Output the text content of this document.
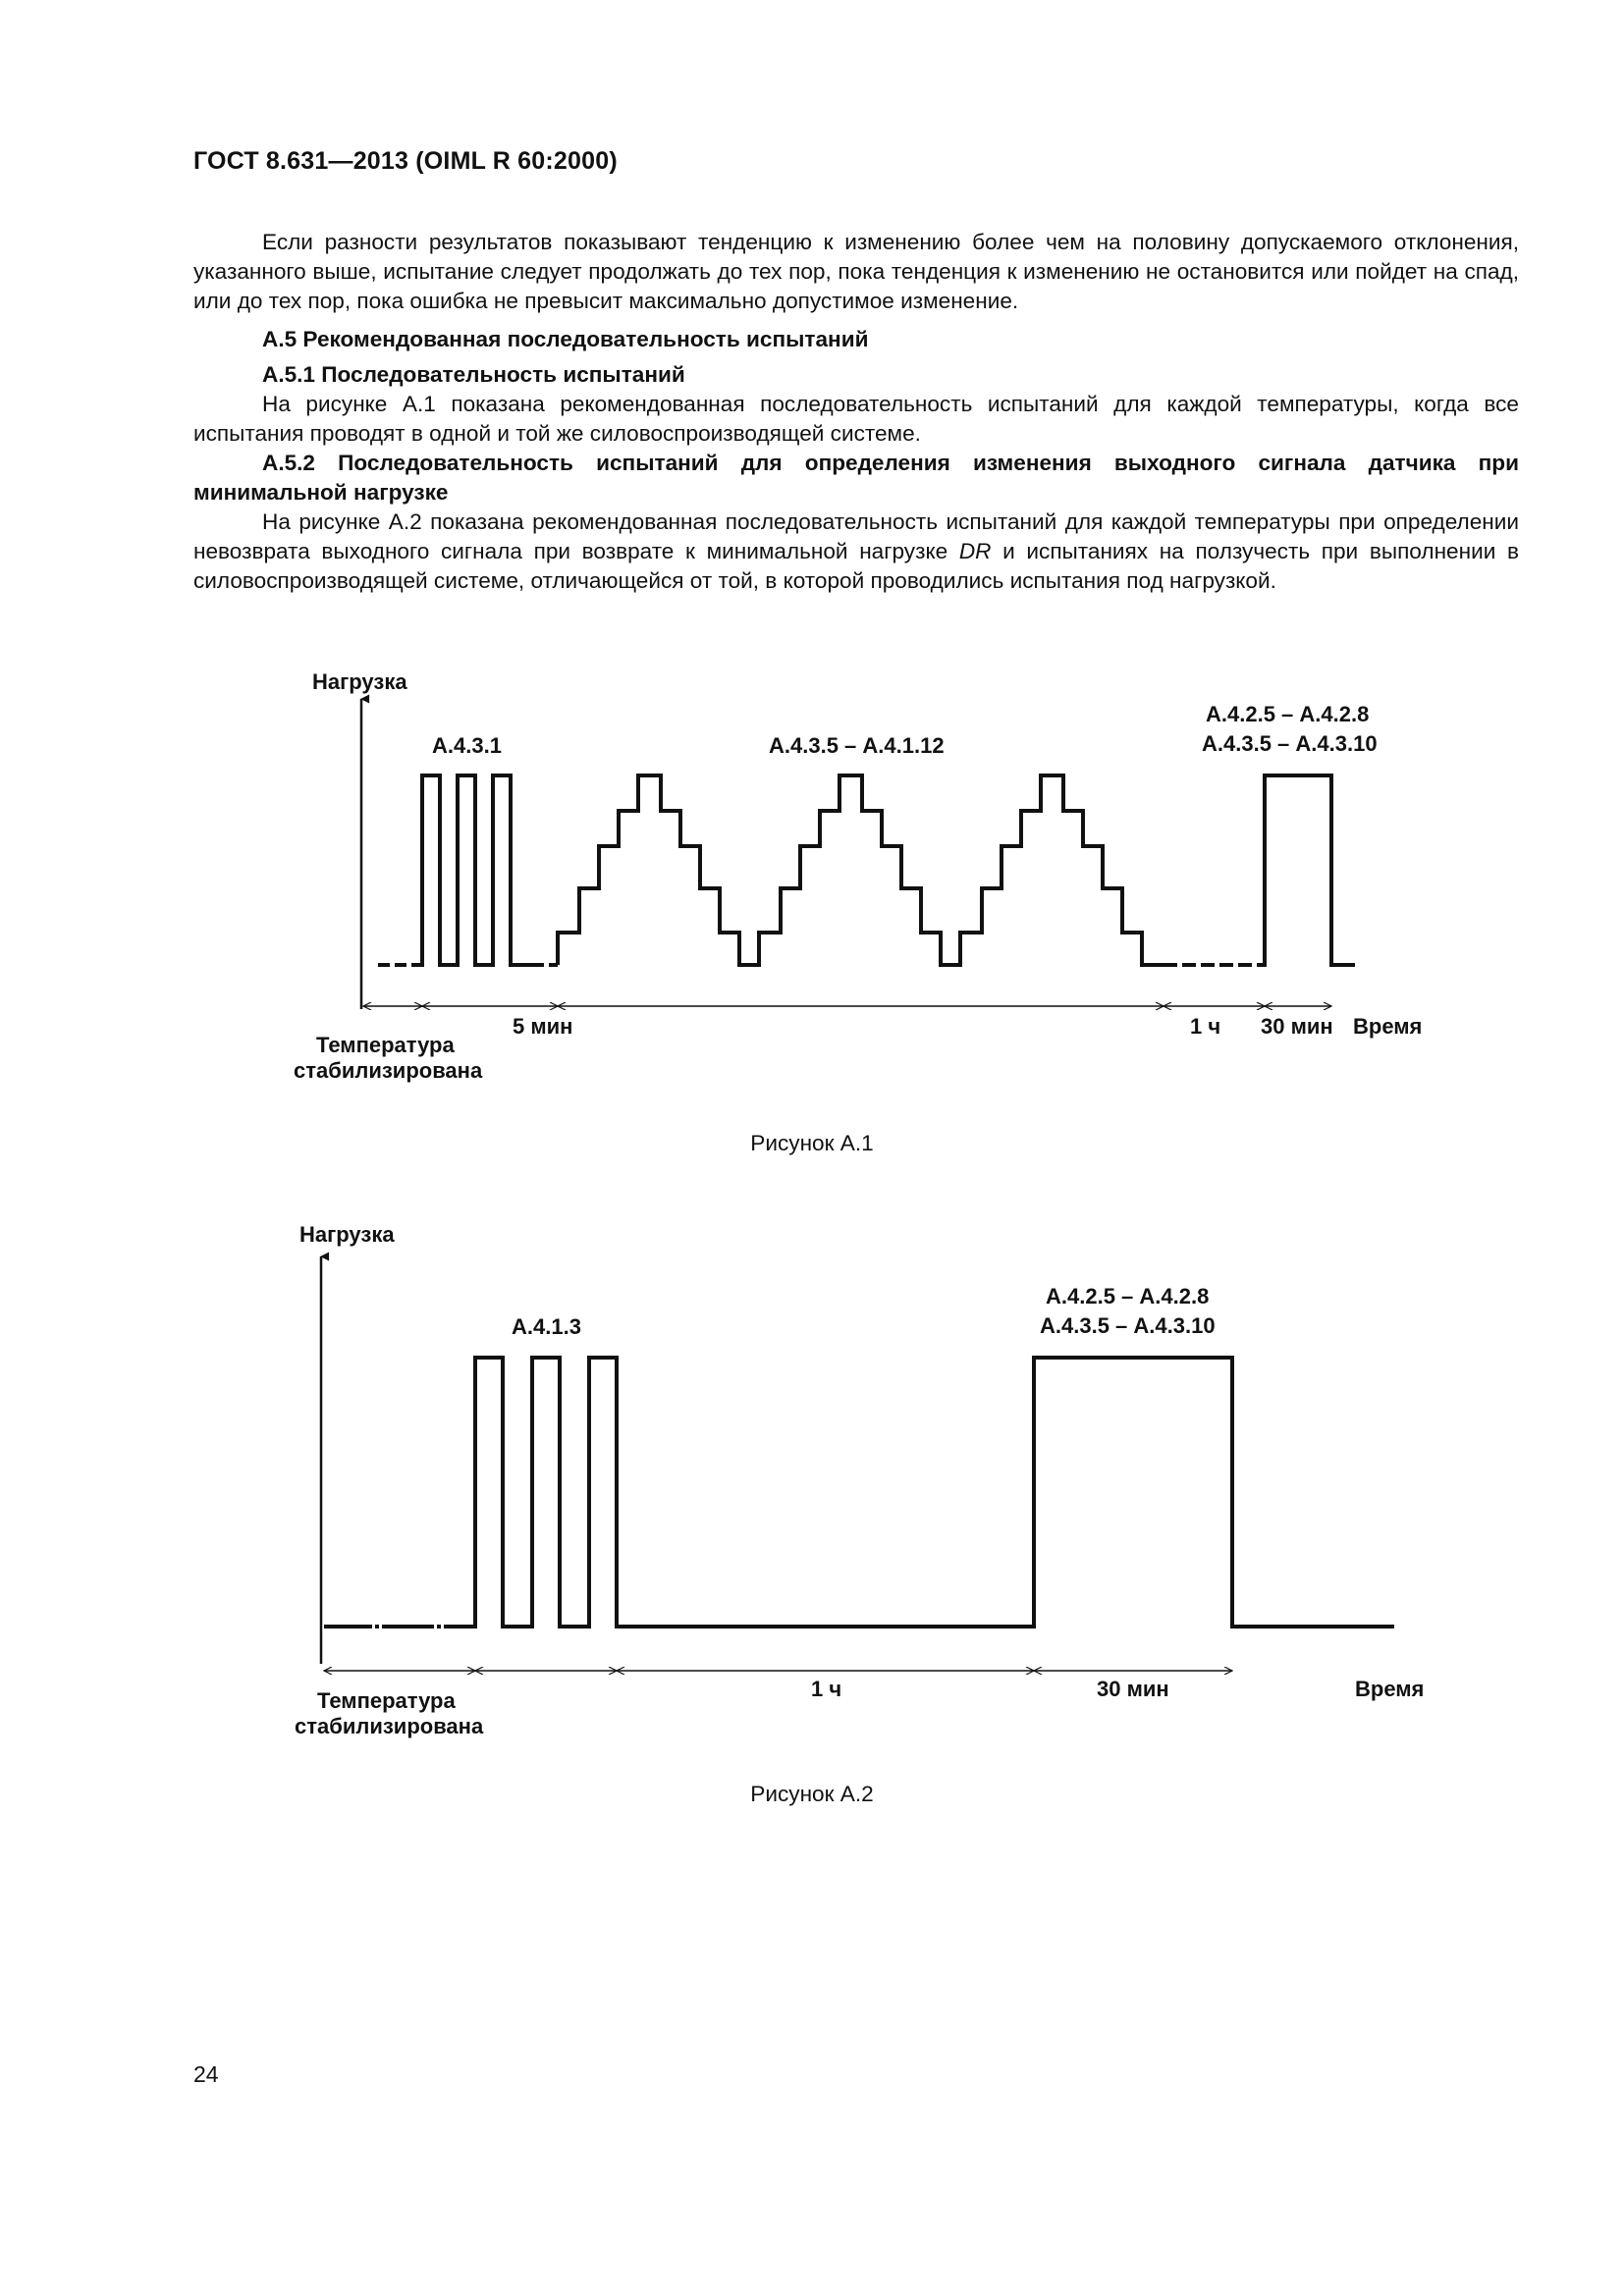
ГОСТ 8.631—2013 (OIML R 60:2000)

Если разности результатов показывают тенденцию к изменению более чем на половину допускаемого отклонения, указанного выше, испытание следует продолжать до тех пор, пока тенденция к изменению не остановится или пойдет на спад, или до тех пор, пока ошибка не превысит максимально допустимое изменение.

А.5 Рекомендованная последовательность испытаний

А.5.1 Последовательность испытаний

На рисунке А.1 показана рекомендованная последовательность испытаний для каждой температуры, когда все испытания проводят в одной и той же силовоспроизводящей системе.

А.5.2 Последовательность испытаний для определения изменения выходного сигнала датчика при минимальной нагрузке

На рисунке А.2 показана рекомендованная последовательность испытаний для каждой температуры при определении невозврата выходного сигнала при возврате к минимальной нагрузке DR и испытаниях на ползучесть при выполнении в силовоспроизводящей системе, отличающейся от той, в которой проводились испытания под нагрузкой.

Нагрузка
А.4.3.1	А.4.3.5 – А.4.1.12
А.4.2.5 – А.4.2.8
А.4.3.5 – А.4.3.10
5 мин	1 ч 30 мин Время
Температура
стабилизирована
Рисунок А.1
Нагрузка
А.4.1.3
А.4.2.5 – А.4.2.8
А.4.3.5 – А.4.3.10
1 ч	30 мин	Время
Температура
стабилизирована
Рисунок А.2
24
